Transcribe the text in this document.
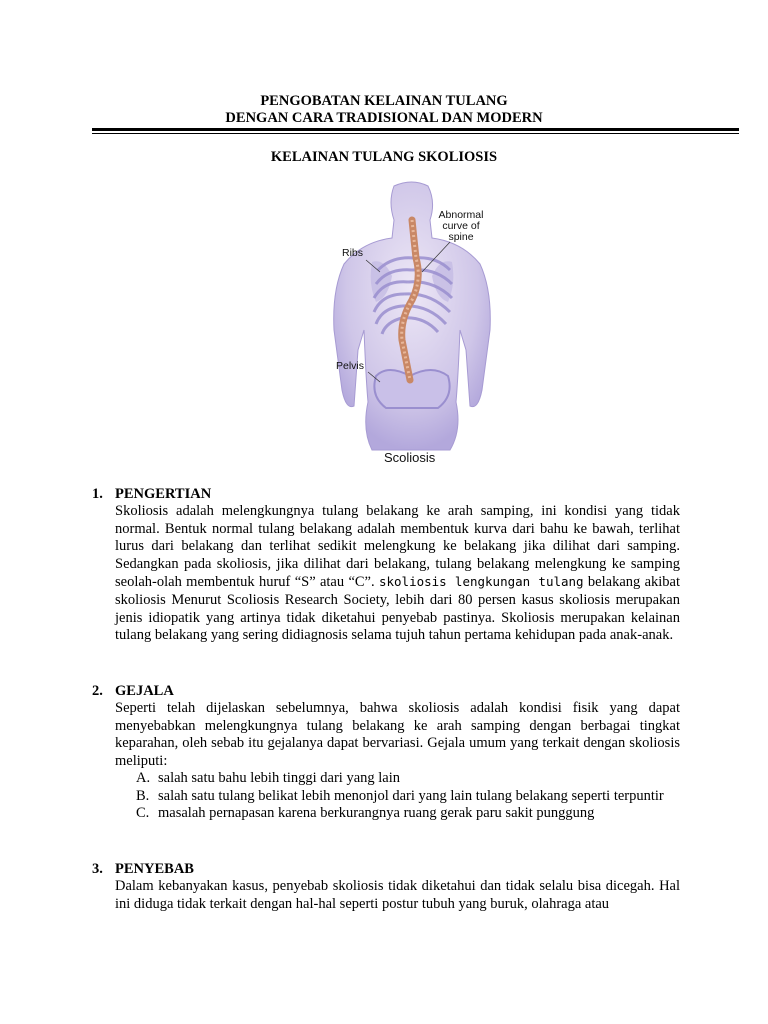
PENGOBATAN KELAINAN TULANG
DENGAN CARA TRADISIONAL DAN MODERN
KELAINAN TULANG SKOLIOSIS
Abnormal
curve of
spine
Ribs
Pelvis
Scoliosis
1. PENGERTIAN
Skoliosis adalah melengkungnya tulang belakang ke arah samping, ini kondisi yang tidak normal. Bentuk normal tulang belakang adalah membentuk kurva dari bahu ke bawah, terlihat lurus dari belakang dan terlihat sedikit melengkung ke belakang jika dilihat dari samping. Sedangkan pada skoliosis, jika dilihat dari belakang, tulang belakang melengkung ke samping seolah-olah membentuk huruf “S” atau “C”. skoliosis lengkungan tulang belakang akibat skoliosis Menurut Scoliosis Research Society, lebih dari 80 persen kasus skoliosis merupakan jenis idiopatik yang artinya tidak diketahui penyebab pastinya. Skoliosis merupakan kelainan tulang belakang yang sering didiagnosis selama tujuh tahun pertama kehidupan pada anak-anak.
2. GEJALA
Seperti telah dijelaskan sebelumnya, bahwa skoliosis adalah kondisi fisik yang dapat menyebabkan melengkungnya tulang belakang ke arah samping dengan berbagai tingkat keparahan, oleh sebab itu gejalanya dapat bervariasi. Gejala umum yang terkait dengan skoliosis meliputi:
A. salah satu bahu lebih tinggi dari yang lain
B. salah satu tulang belikat lebih menonjol dari yang lain tulang belakang seperti terpuntir
C. masalah pernapasan karena berkurangnya ruang gerak paru sakit punggung
3. PENYEBAB
Dalam kebanyakan kasus, penyebab skoliosis tidak diketahui dan tidak selalu bisa dicegah. Hal ini diduga tidak terkait dengan hal-hal seperti postur tubuh yang buruk, olahraga atau
